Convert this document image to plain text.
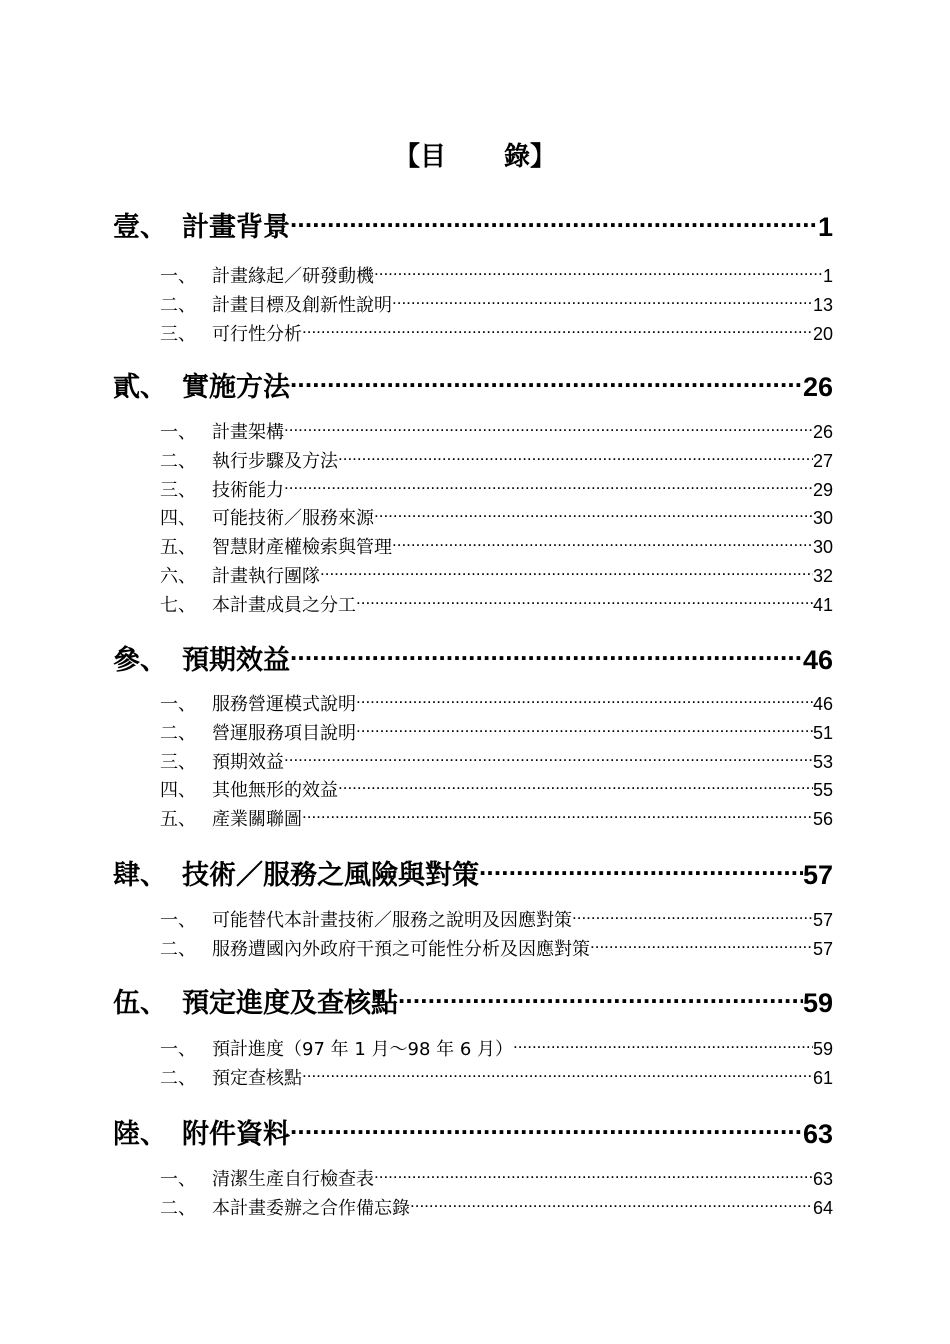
【目 錄】
壹、 計畫背景 .....	1
一、 計畫緣起／研發動機 .....	1
二、 計畫目標及創新性說明 .....	13
三、 可行性分析 .....	20
貳、 實施方法 .....	26
一、 計畫架構 .....	26
二、 執行步驟及方法 .....	27
三、 技術能力 .....	29
四、 可能技術／服務來源 .....	30
五、 智慧財產權檢索與管理 .....	30
六、 計畫執行團隊 .....	32
七、 本計畫成員之分工 .....	41
參、 預期效益 .....	46
一、 服務營運模式說明 .....	46
二、 營運服務項目說明 .....	51
三、 預期效益 .....	53
四、 其他無形的效益 .....	55
五、 產業關聯圖 .....	56
肆、 技術／服務之風險與對策 .....	57
一、 可能替代本計畫技術／服務之說明及因應對策 .....	57
二、 服務遭國內外政府干預之可能性分析及因應對策 .....	57
伍、 預定進度及查核點 .....	59
一、 預計進度（97 年 1 月～98 年 6 月） .....	59
二、 預定查核點 .....	61
陸、 附件資料 .....	63
一、 清潔生產自行檢查表 .....	63
二、 本計畫委辦之合作備忘錄 .....	64
